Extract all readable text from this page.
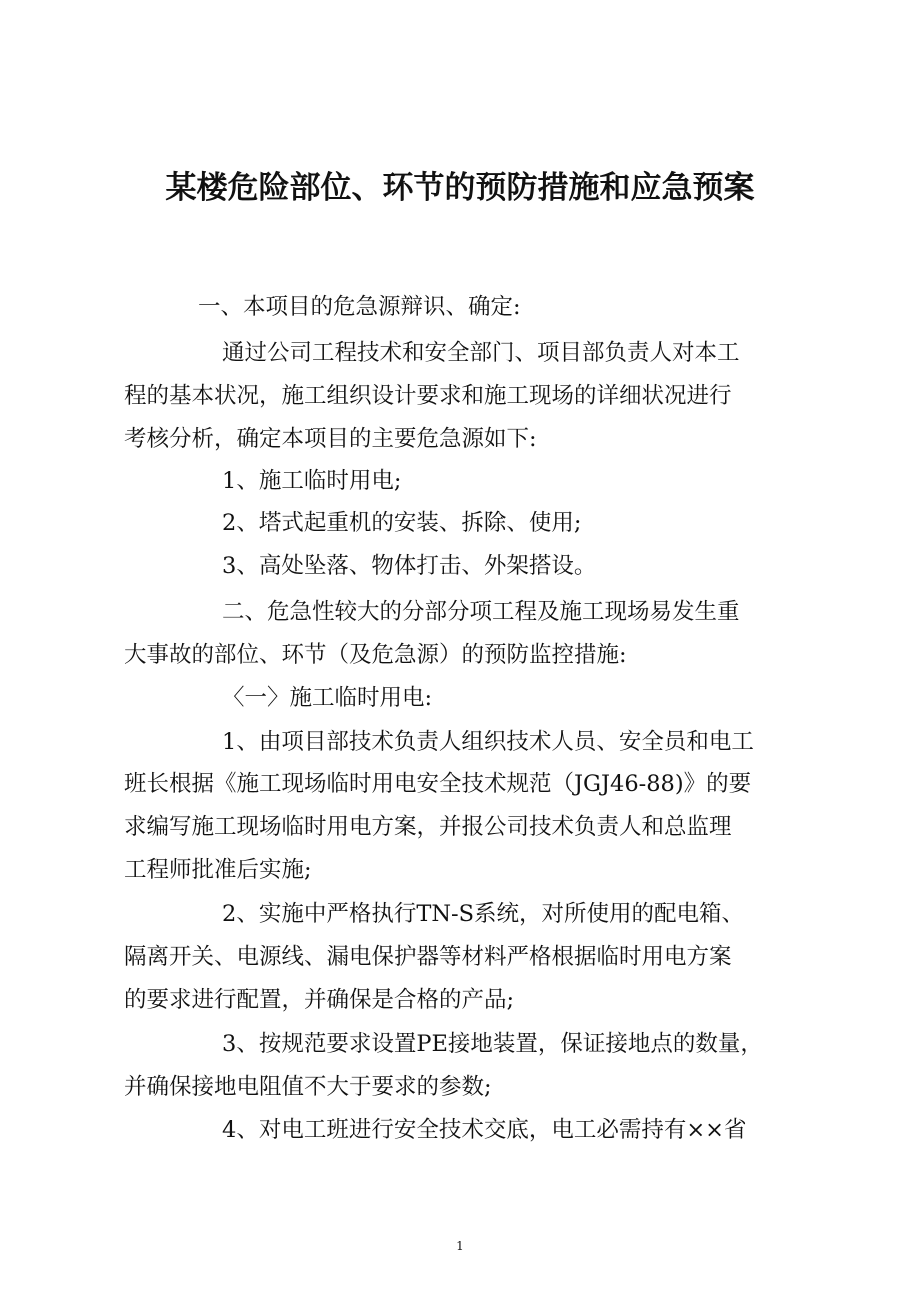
某楼危险部位、环节的预防措施和应急预案

一、本项目的危急源辩识、确定:

通过公司工程技术和安全部门、项目部负责人对本工

程的基本状况，施工组织设计要求和施工现场的详细状况进行

考核分析，确定本项目的主要危急源如下:

1、施工临时用电;

2、塔式起重机的安装、拆除、使用;

3、高处坠落、物体打击、外架搭设。

二、危急性较大的分部分项工程及施工现场易发生重

大事故的部位、环节（及危急源）的预防监控措施:

〈一〉施工临时用电:

1、由项目部技术负责人组织技术人员、安全员和电工

班长根据《施工现场临时用电安全技术规范（JGJ46-88)》的要

求编写施工现场临时用电方案，并报公司技术负责人和总监理

工程师批准后实施;

2、实施中严格执行TN-S系统，对所使用的配电箱、

隔离开关、电源线、漏电保护器等材料严格根据临时用电方案

的要求进行配置，并确保是合格的产品;

3、按规范要求设置PE接地装置，保证接地点的数量，

并确保接地电阻值不大于要求的参数;

4、对电工班进行安全技术交底，电工必需持有××省

1
